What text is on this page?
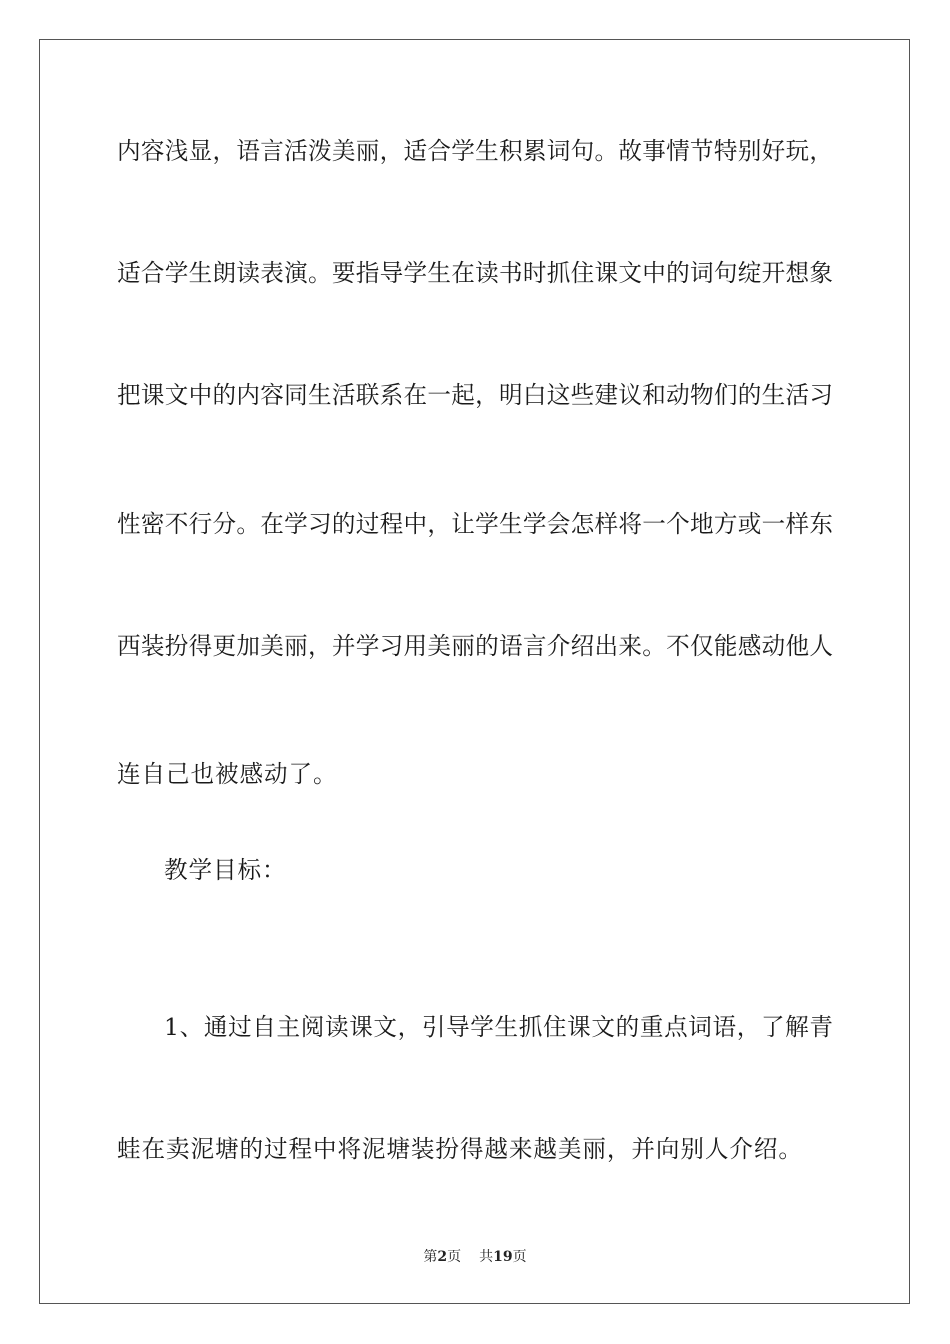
内容浅显，语言活泼美丽，适合学生积累词句。故事情节特别好玩，
适合学生朗读表演。要指导学生在读书时抓住课文中的词句绽开想象
把课文中的内容同生活联系在一起，明白这些建议和动物们的生活习
性密不行分。在学习的过程中，让学生学会怎样将一个地方或一样东
西装扮得更加美丽，并学习用美丽的语言介绍出来。不仅能感动他人
连自己也被感动了。
教学目标：
1、通过自主阅读课文，引导学生抓住课文的重点词语，了解青
蛙在卖泥塘的过程中将泥塘装扮得越来越美丽，并向别人介绍。
第2页 共19页
